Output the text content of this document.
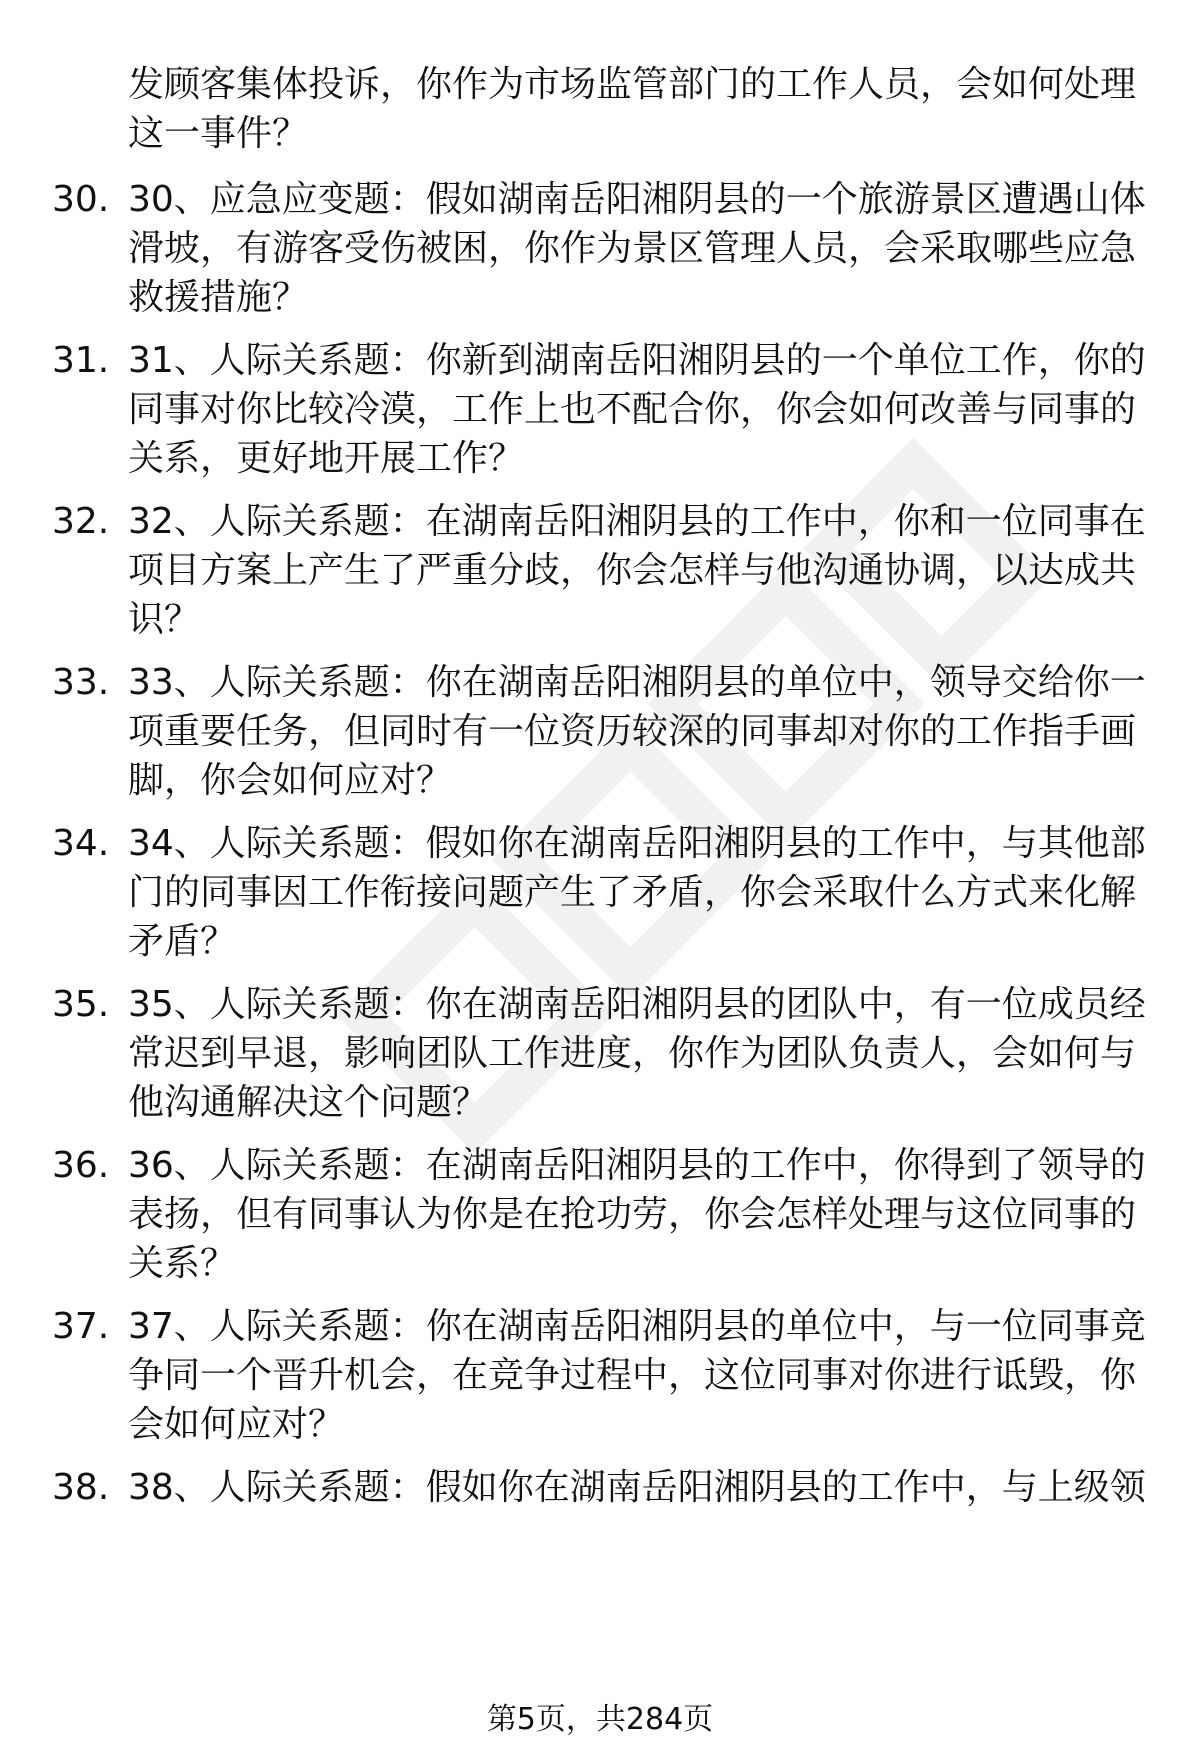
发顾客集体投诉，你作为市场监管部门的工作人员，会如何处理这一事件？
30. 30、应急应变题：假如湖南岳阳湘阴县的一个旅游景区遭遇山体滑坡，有游客受伤被困，你作为景区管理人员，会采取哪些应急救援措施？
31. 31、人际关系题：你新到湖南岳阳湘阴县的一个单位工作，你的同事对你比较冷漠，工作上也不配合你，你会如何改善与同事的关系，更好地开展工作？
32. 32、人际关系题：在湖南岳阳湘阴县的工作中，你和一位同事在项目方案上产生了严重分歧，你会怎样与他沟通协调，以达成共识？
33. 33、人际关系题：你在湖南岳阳湘阴县的单位中，领导交给你一项重要任务，但同时有一位资历较深的同事却对你的工作指手画脚，你会如何应对？
34. 34、人际关系题：假如你在湖南岳阳湘阴县的工作中，与其他部门的同事因工作衔接问题产生了矛盾，你会采取什么方式来化解矛盾？
35. 35、人际关系题：你在湖南岳阳湘阴县的团队中，有一位成员经常迟到早退，影响团队工作进度，你作为团队负责人，会如何与他沟通解决这个问题？
36. 36、人际关系题：在湖南岳阳湘阴县的工作中，你得到了领导的表扬，但有同事认为你是在抢功劳，你会怎样处理与这位同事的关系？
37. 37、人际关系题：你在湖南岳阳湘阴县的单位中，与一位同事竞争同一个晋升机会，在竞争过程中，这位同事对你进行诋毁，你会如何应对？
38. 38、人际关系题：假如你在湖南岳阳湘阴县的工作中，与上级领
第5页，共284页
